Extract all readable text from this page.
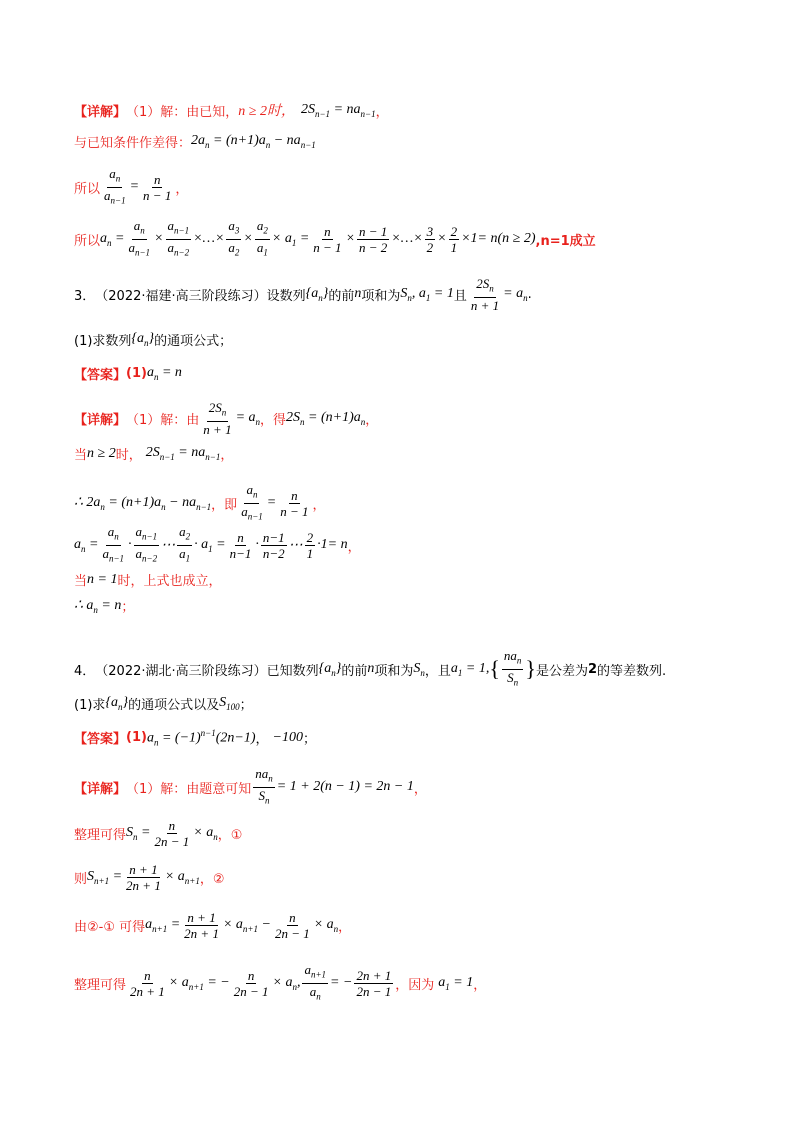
【详解】 （1）解：由已知， n ≥ 2时， $2S_{n-1} = na_{n-1}$ ，
与已知条件作差得： $2a_n = (n+1)a_n - na_{n-1}$
所以 $\frac{a_n}{a_{n-1}} = \frac{n}{n - 1}$ ，
所以 $a_n = \frac{a_n}{a_{n-1}} \times \frac{a_{n-1}}{a_{n-2}}$ ×…× $\frac{a_3}{a_2} \times \frac{a_2}{a_1} \times a_1 = \frac{n}{n - 1} \times \frac{n - 1}{n - 2}$ ×…× $\frac{3}{2} \times \frac{2}{1} \times 1 = n(n \ge 2)$ ,n=1成立
3． （2022·福建·高三阶段练习）设数列 $\{a_n\}$ 的前 n 项和为 $S_n$, $a_1 = 1$ 且 $\frac{2S_n}{n + 1} = a_n$ .
(1)求数列 $\{a_n\}$ 的通项公式；
【答案】 (1) $a_n = n$
【详解】 （1）解：由 $\frac{2S_n}{n + 1} = a_n$ ，得 $2S_n = (n+1)a_n$ ，
当 n ≥ 2 时， $2S_{n-1} = na_{n-1}$ ，
∴ $2a_n = (n+1)a_n - na_{n-1}$ ，即 $\frac{a_n}{a_{n-1}} = \frac{n}{n - 1}$ ，
$a_n = \frac{a_n}{a_{n-1}} \cdot \frac{a_{n-1}}{a_{n-2}}$ ⋯ $\frac{a_2}{a_1} \cdot a_1 = \frac{n}{n-1} \cdot \frac{n-1}{n-2}$ ⋯ $\frac{2}{1} \cdot 1 = n$ ，
当 n = 1 时，上式也成立，
∴ $a_n = n$ ；
4． （2022·湖北·高三阶段练习）已知数列 $\{a_n\}$ 的前 n 项和为 $S_n$ ，且 $a_1 = 1$, { $\frac{na_n}{S_n}$ } 是公差为 2 的等差数列.
(1)求 $\{a_n\}$ 的通项公式以及 $S_{100}$ ；
【答案】 (1) $a_n = (-1)^{n-1}(2n-1)$ ， −100 ；
【详解】 （1）解：由题意可知 $\frac{na_n}{S_n} = 1 + 2(n - 1) = 2n - 1$ ，
整理可得 $S_n = \frac{n}{2n - 1} \times a_n$ ，①
则 $S_{n+1} = \frac{n + 1}{2n + 1} \times a_{n+1}$ ，②
由②-① 可得 $a_{n+1} = \frac{n + 1}{2n + 1} \times a_{n+1} - \frac{n}{2n - 1} \times a_n$ ，
整理可得 $\frac{n}{2n + 1} \times a_{n+1}$ = − $\frac{n}{2n - 1} \times a_n$, $\frac{a_{n+1}}{a_n}$ = − $\frac{2n + 1}{2n - 1}$ ，因为 $a_1 = 1$ ，
